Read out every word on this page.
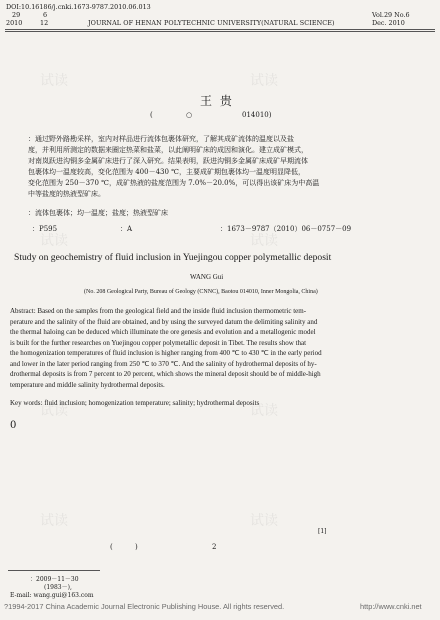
试读	试读
试读	试读
试读	试读
试读	试读
DOI:10.16186/j.cnki.1673-9787.2010.06.013
29	6
2010	12	JOURNAL OF HENAN POLYTECHNIC UNIVERSITY(NATURAL SCIENCE)
Vol.29 No.6
Dec. 2010
王 贵
(	○	014010)
：通过野外路勘采样，室内对样品进行流体包裹体研究，了解其成矿流体的温度以及盐
度，并利用所测定的数据来圈定热菜和盐菜，以此阐明矿床的成因和演化。建立成矿模式，
对南岚跃进沟铜多金属矿床进行了深入研究。结果表明，跃进沟铜多金属矿床成矿早期流体
包裹体均一温度较高，变化范围为 400－430 ℃，主要成矿期包裹体均一温度明显降低，
变化范围为 250－370 ℃，成矿热液的盐度范围为 7.0%－20.0%，可以得出该矿床为中高温
中等盐度的热液型矿床。
：流体包裹体；均一温度；盐度；热液型矿床
：P595	：A	：1673－9787（2010）06－0757－09
Study on geochemistry of fluid inclusion in Yuejingou copper polymetallic deposit
WANG Gui
(No. 208 Geological Party, Bureau of Geology (CNNC), Baotou 014010, Inner Mongolia, China)
Abstract: Based on the samples from the geological field and the inside fluid inclusion thermometric tem-
perature and the salinity of the fluid are obtained, and by using the surveyed datum the delimiting salinity and
the thermal haloing can be deduced which illuminate the ore genesis and evolution and a metallogenic model
is built for the further researches on Yuejingou copper polymetallic deposit in Tibet. The results show that
the homogenization temperatures of fluid inclusion is higher ranging from 400 ℃ to 430 ℃ in the early period
and lower in the later period ranging from 250 ℃ to 370 ℃. And the salinity of hydrothermal deposits of hy-
drothermal deposits is from 7 percent to 20 percent, which shows the mineral deposit should be of middle-high
temperature and middle salinity hydrothermal deposits.
Key words: fluid inclusion; homogenization temperature; salinity; hydrothermal deposits
0
[1]
(          )	2
：2009－11－30
(1983－),
E-mail: wang.gui@163.com
?1994-2017 China Academic Journal Electronic Publishing House. All rights reserved.	http://www.cnki.net
